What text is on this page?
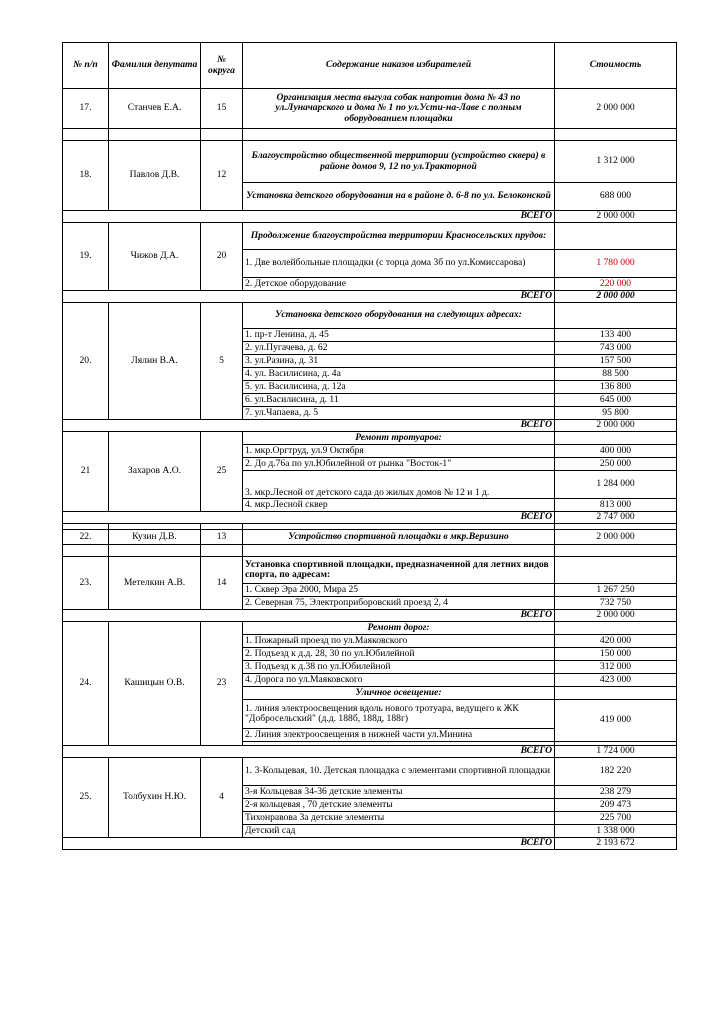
№ п/п	Фамилия депутата	№ округа	Содержание наказов избирателей	Стоимость
17.	Станчев Е.А.	15	Организация места выгула собак напротив дома № 43 по ул.Луначарского и дома № 1 по ул.Усти-на-Лаве с полным оборудованием площадки	2 000 000

18.	Павлов Д.В.	12	Благоустройство общественной территории (устройство сквера) в районе домов 9, 12 по ул.Тракторной	1 312 000
			Установка детского оборудования на в районе д. 6-8 по ул. Белоконской	688 000
ВСЕГО				2 000 000
19.	Чижов Д.А.	20	Продолжение благоустройства территории Красносельских прудов:	
			1. Две волейбольные площадки (с торца дома 3б по ул.Комиссарова)	1 780 000
			2. Детское оборудование	220 000
ВСЕГО				2 000 000
20.	Лялин В.А.	5	Установка детского оборудования на следующих адресах:	
			1. пр-т Ленина, д. 45	133 400
			2. ул.Пугачева, д. 62	743 000
			3. ул.Разина, д. 31	157 500
			4. ул. Василисина, д. 4а	88 500
			5. ул. Василисина, д. 12а	136 800
			6. ул.Василисина, д. 11	645 000
			7. ул.Чапаева, д. 5	95 800
ВСЕГО				2 000 000
21	Захаров А.О.	25	Ремонт тротуаров:	
			1. мкр.Оргтруд, ул.9 Октября	400 000
			2. До д.76а по ул.Юбилейной от рынка "Восток-1"	250 000
			3. мкр.Лесной от детского сада до жилых домов № 12 и 1 д.	1 284 000
			4. мкр.Лесной сквер	813 000
ВСЕГО				2 747 000

22.	Кузин Д.В.	13	Устройство спортивной площадки в мкр.Веризино	2 000 000

23.	Метелкин А.В.	14	Установка спортивной площадки, предназначенной для летних видов спорта, по адресам:	
			1. Сквер Эра 2000, Мира 25	1 267 250
			2. Северная 75, Электроприборовский проезд 2, 4	732 750
ВСЕГО				2 000 000
24.	Кашицын О.В.	23	Ремонт дорог:	
			1. Пожарный проезд по ул.Маяковского	420 000
			2. Подъезд к д.д. 28, 30 по ул.Юбилейной	150 000
			3. Подъезд к д.38 по ул.Юбилейной	312 000
			4. Дорога по ул.Маяковского	423 000
			Уличное освещение:	
			1. линия электроосвещения вдоль нового тротуара, ведущего к ЖК "Добросельский" (д.д. 188б, 188д, 188г)	419 000
			2. Линия электроосвещения в нижней части ул.Минина	

ВСЕГО				1 724 000
25.	Толбухин Н.Ю.	4	1. 3-Кольцевая, 10. Детская площадка с элементами спортивной площадки	182 220
			3-я Кольцевая 34-36 детские элементы	238 279
			2-я кольцевая , 70 детские элементы	209 473
			Тихонравова 3а детские элементы	225 700
			Детский сад	1 338 000
ВСЕГО				2 193 672
